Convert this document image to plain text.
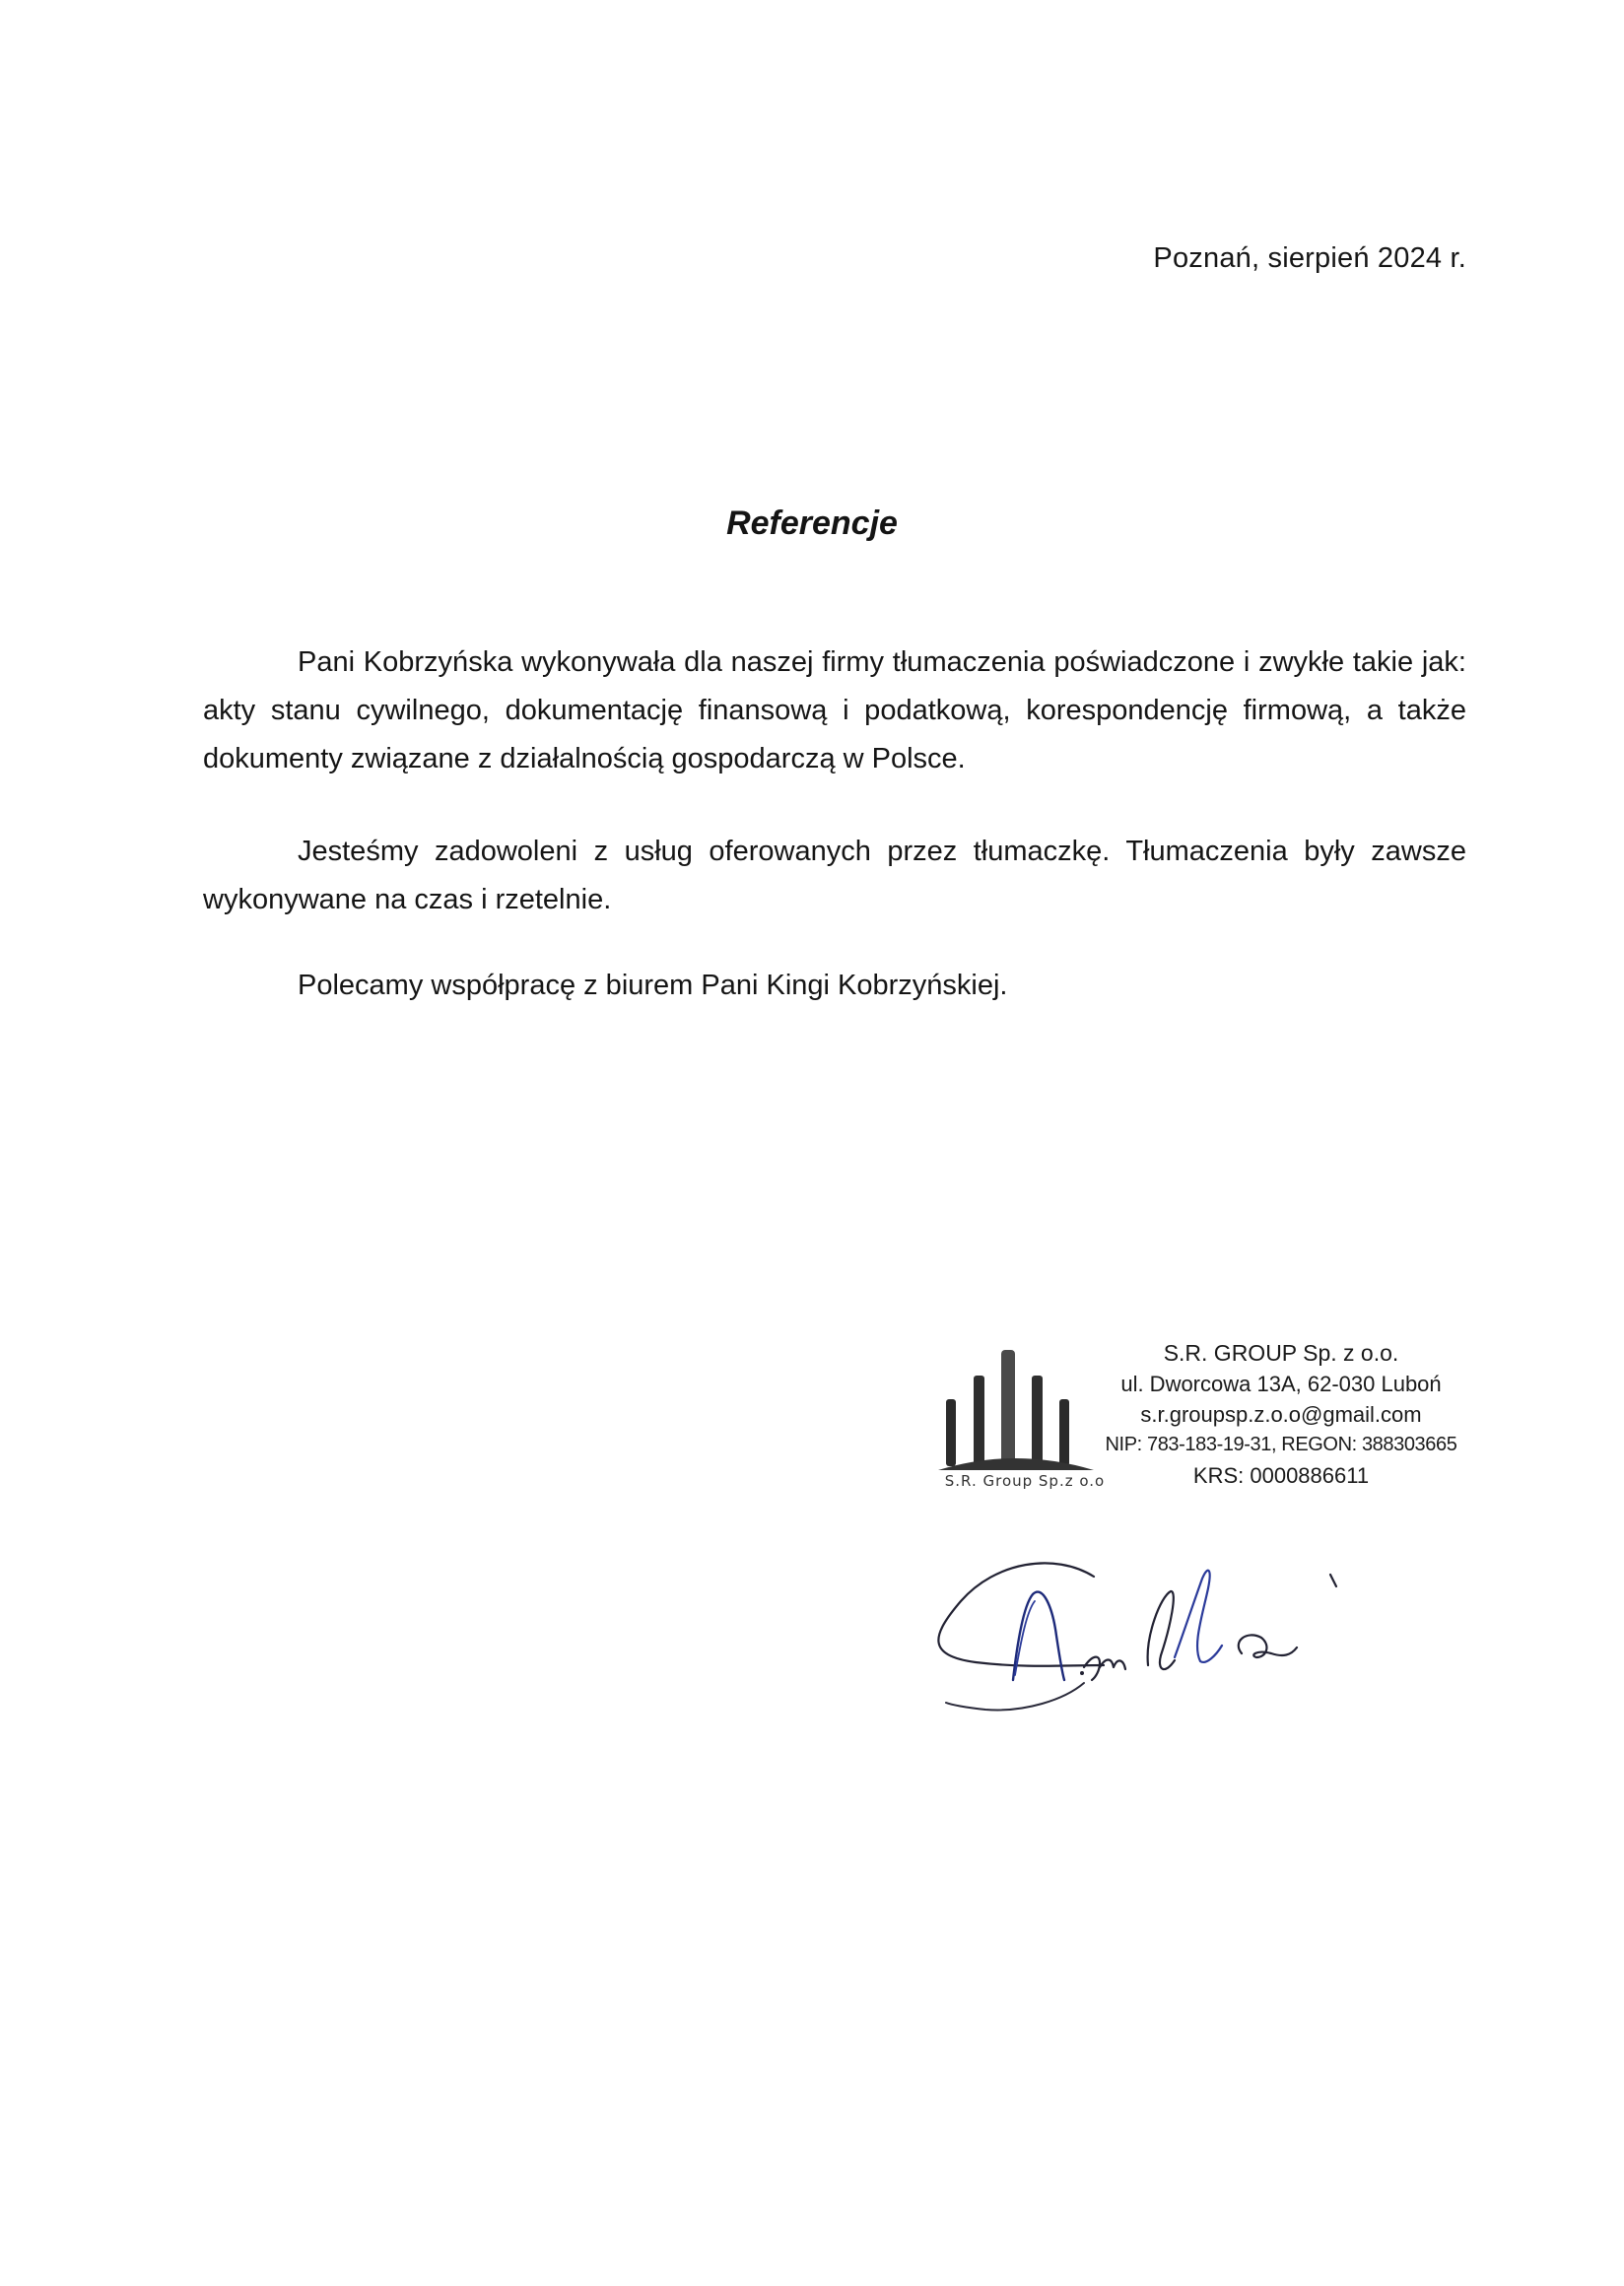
Poznań, sierpień 2024 r.
Referencje

Pani Kobrzyńska wykonywała dla naszej firmy tłumaczenia poświadczone i zwykłe takie jak: akty stanu cywilnego, dokumentację finansową i podatkową, korespondencję firmową, a także dokumenty związane z działalnością gospodarczą w Polsce.

Jesteśmy zadowoleni z usług oferowanych przez tłumaczkę. Tłumaczenia były zawsze wykonywane na czas i rzetelnie.

Polecamy współpracę z biurem Pani Kingi Kobrzyńskiej.

S.R. Group Sp.z o.o
S.R. GROUP Sp. z o.o.
ul. Dworcowa 13A, 62-030 Luboń
s.r.groupsp.z.o.o@gmail.com
NIP: 783-183-19-31, REGON: 388303665
KRS: 0000886611
